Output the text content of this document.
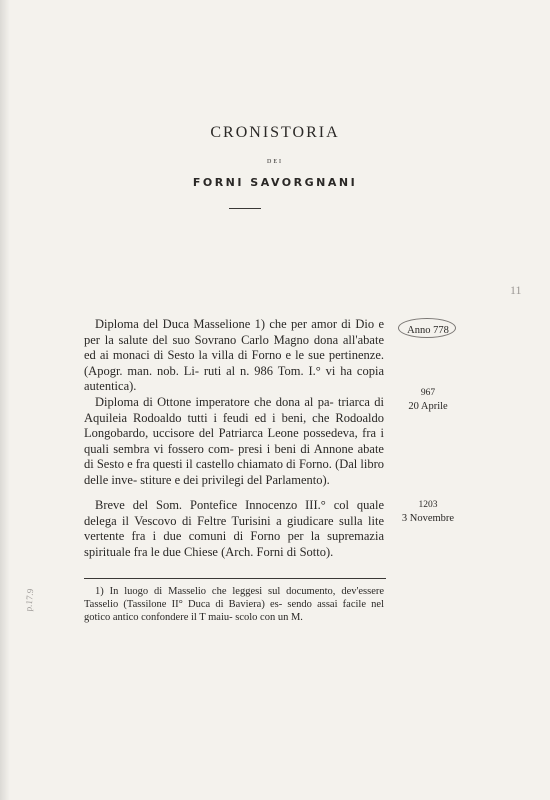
CRONISTORIA
DEI
FORNI SAVORGNANI
11
p.17.9

Diploma del Duca Masselione 1) che per amor di Dio e per la salute del suo Sovrano Carlo Magno dona all'abate ed ai monaci di Sesto la villa di Forno e le sue pertinenze. (Apogr. man. nob. Li- ruti al n. 986 Tom. I.° vi ha copia autentica).

Anno 778

Diploma di Ottone imperatore che dona al pa- triarca di Aquileia Rodoaldo tutti i feudi ed i beni, che Rodoaldo Longobardo, uccisore del Patriarca Leone possedeva, fra i quali sembra vi fossero com- presi i beni di Annone abate di Sesto e fra questi il castello chiamato di Forno. (Dal libro delle inve- stiture e dei privilegi del Parlamento).

967
20 Aprile

Breve del Som. Pontefice Innocenzo III.° col quale delega il Vescovo di Feltre Turisini a giudicare sulla lite vertente fra i due comuni di Forno per la supremazia spirituale fra le due Chiese (Arch. Forni di Sotto).

1203
3 Novembre

1) In luogo di Masselio che leggesi sul documento, dev'essere Tasselio (Tassilone II° Duca di Baviera) es- sendo assai facile nel gotico antico confondere il T maiu- scolo con un M.
